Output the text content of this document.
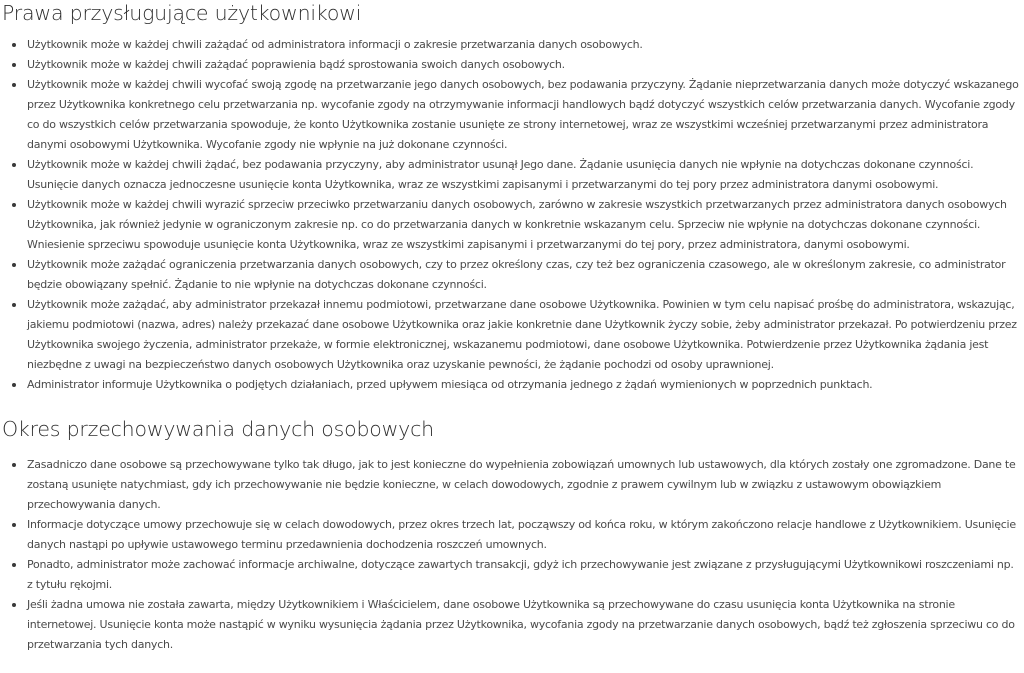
Prawa przysługujące użytkownikowi
Użytkownik może w każdej chwili zażądać od administratora informacji o zakresie przetwarzania danych osobowych.
Użytkownik może w każdej chwili zażądać poprawienia bądź sprostowania swoich danych osobowych.
Użytkownik może w każdej chwili wycofać swoją zgodę na przetwarzanie jego danych osobowych, bez podawania przyczyny. Żądanie nieprzetwarzania danych może dotyczyć wskazanego przez Użytkownika konkretnego celu przetwarzania np. wycofanie zgody na otrzymywanie informacji handlowych bądź dotyczyć wszystkich celów przetwarzania danych. Wycofanie zgody co do wszystkich celów przetwarzania spowoduje, że konto Użytkownika zostanie usunięte ze strony internetowej, wraz ze wszystkimi wcześniej przetwarzanymi przez administratora danymi osobowymi Użytkownika. Wycofanie zgody nie wpłynie na już dokonane czynności.
Użytkownik może w każdej chwili żądać, bez podawania przyczyny, aby administrator usunął Jego dane. Żądanie usunięcia danych nie wpłynie na dotychczas dokonane czynności. Usunięcie danych oznacza jednoczesne usunięcie konta Użytkownika, wraz ze wszystkimi zapisanymi i przetwarzanymi do tej pory przez administratora danymi osobowymi.
Użytkownik może w każdej chwili wyrazić sprzeciw przeciwko przetwarzaniu danych osobowych, zarówno w zakresie wszystkich przetwarzanych przez administratora danych osobowych Użytkownika, jak również jedynie w ograniczonym zakresie np. co do przetwarzania danych w konkretnie wskazanym celu. Sprzeciw nie wpłynie na dotychczas dokonane czynności. Wniesienie sprzeciwu spowoduje usunięcie konta Użytkownika, wraz ze wszystkimi zapisanymi i przetwarzanymi do tej pory, przez administratora, danymi osobowymi.
Użytkownik może zażądać ograniczenia przetwarzania danych osobowych, czy to przez określony czas, czy też bez ograniczenia czasowego, ale w określonym zakresie, co administrator będzie obowiązany spełnić. Żądanie to nie wpłynie na dotychczas dokonane czynności.
Użytkownik może zażądać, aby administrator przekazał innemu podmiotowi, przetwarzane dane osobowe Użytkownika. Powinien w tym celu napisać prośbę do administratora, wskazując, jakiemu podmiotowi (nazwa, adres) należy przekazać dane osobowe Użytkownika oraz jakie konkretnie dane Użytkownik życzy sobie, żeby administrator przekazał. Po potwierdzeniu przez Użytkownika swojego życzenia, administrator przekaże, w formie elektronicznej, wskazanemu podmiotowi, dane osobowe Użytkownika. Potwierdzenie przez Użytkownika żądania jest niezbędne z uwagi na bezpieczeństwo danych osobowych Użytkownika oraz uzyskanie pewności, że żądanie pochodzi od osoby uprawnionej.
Administrator informuje Użytkownika o podjętych działaniach, przed upływem miesiąca od otrzymania jednego z żądań wymienionych w poprzednich punktach.
Okres przechowywania danych osobowych
Zasadniczo dane osobowe są przechowywane tylko tak długo, jak to jest konieczne do wypełnienia zobowiązań umownych lub ustawowych, dla których zostały one zgromadzone. Dane te zostaną usunięte natychmiast, gdy ich przechowywanie nie będzie konieczne, w celach dowodowych, zgodnie z prawem cywilnym lub w związku z ustawowym obowiązkiem przechowywania danych.
Informacje dotyczące umowy przechowuje się w celach dowodowych, przez okres trzech lat, począwszy od końca roku, w którym zakończono relacje handlowe z Użytkownikiem. Usunięcie danych nastąpi po upływie ustawowego terminu przedawnienia dochodzenia roszczeń umownych.
Ponadto, administrator może zachować informacje archiwalne, dotyczące zawartych transakcji, gdyż ich przechowywanie jest związane z przysługującymi Użytkownikowi roszczeniami np. z tytułu rękojmi.
Jeśli żadna umowa nie została zawarta, między Użytkownikiem i Właścicielem, dane osobowe Użytkownika są przechowywane do czasu usunięcia konta Użytkownika na stronie internetowej. Usunięcie konta może nastąpić w wyniku wysunięcia żądania przez Użytkownika, wycofania zgody na przetwarzanie danych osobowych, bądź też zgłoszenia sprzeciwu co do przetwarzania tych danych.
